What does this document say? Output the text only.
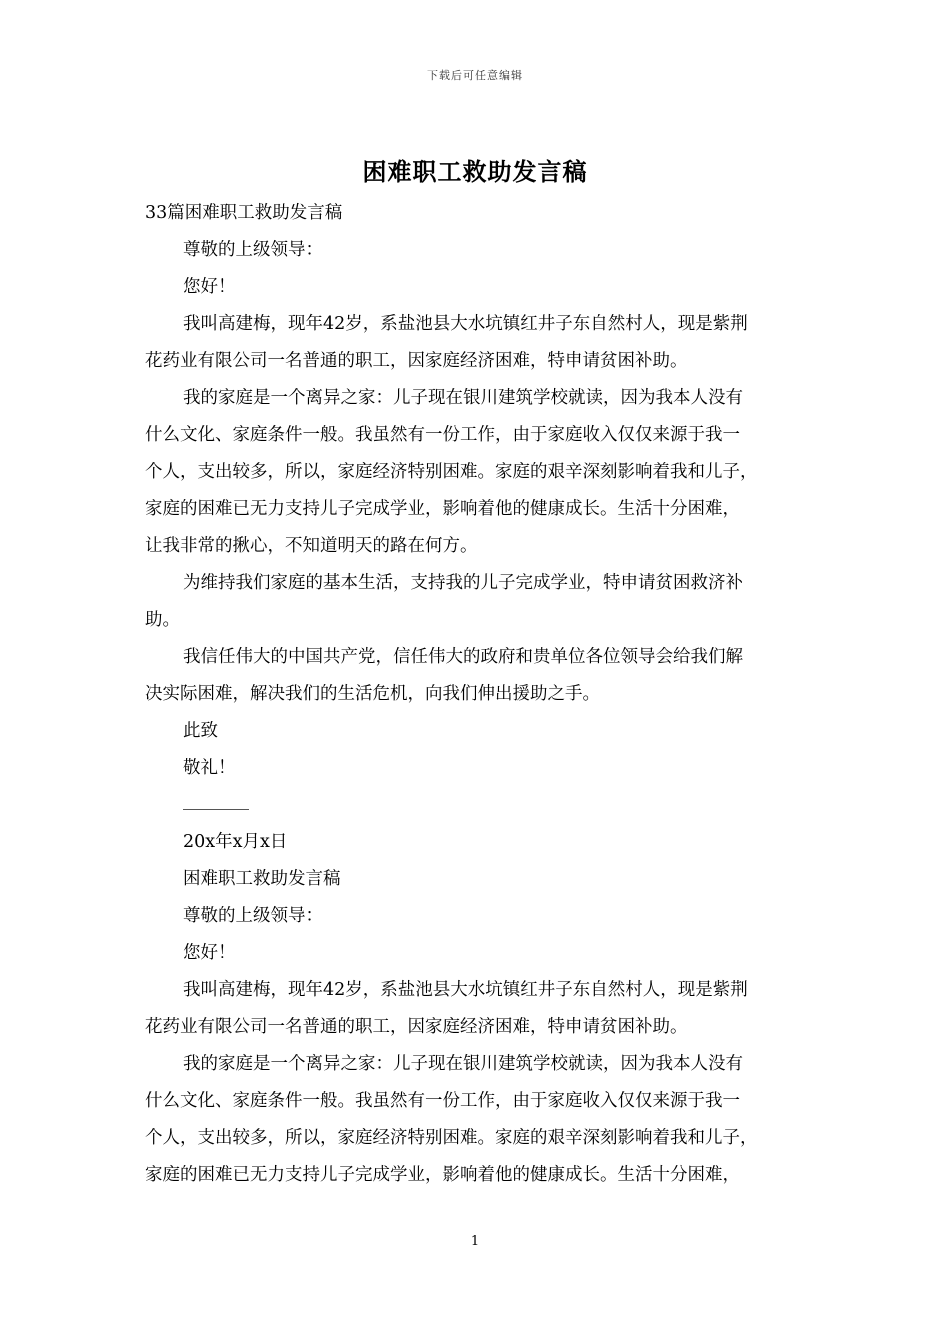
下载后可任意编辑
困难职工救助发言稿
33篇困难职工救助发言稿
尊敬的上级领导：
您好！
我叫高建梅，现年42岁，系盐池县大水坑镇红井子东自然村人，现是紫荆
花药业有限公司一名普通的职工，因家庭经济困难，特申请贫困补助。
我的家庭是一个离异之家：儿子现在银川建筑学校就读，因为我本人没有
什么文化、家庭条件一般。我虽然有一份工作，由于家庭收入仅仅来源于我一
个人，支出较多，所以，家庭经济特别困难。家庭的艰辛深刻影响着我和儿子，
家庭的困难已无力支持儿子完成学业，影响着他的健康成长。生活十分困难，
让我非常的揪心，不知道明天的路在何方。
为维持我们家庭的基本生活，支持我的儿子完成学业，特申请贫困救济补
助。
我信任伟大的中国共产党，信任伟大的政府和贵单位各位领导会给我们解
决实际困难，解决我们的生活危机，向我们伸出援助之手。
此致
敬礼！
20x年x月x日
困难职工救助发言稿
尊敬的上级领导：
您好！
我叫高建梅，现年42岁，系盐池县大水坑镇红井子东自然村人，现是紫荆
花药业有限公司一名普通的职工，因家庭经济困难，特申请贫困补助。
我的家庭是一个离异之家：儿子现在银川建筑学校就读，因为我本人没有
什么文化、家庭条件一般。我虽然有一份工作，由于家庭收入仅仅来源于我一
个人，支出较多，所以，家庭经济特别困难。家庭的艰辛深刻影响着我和儿子，
家庭的困难已无力支持儿子完成学业，影响着他的健康成长。生活十分困难，
1
